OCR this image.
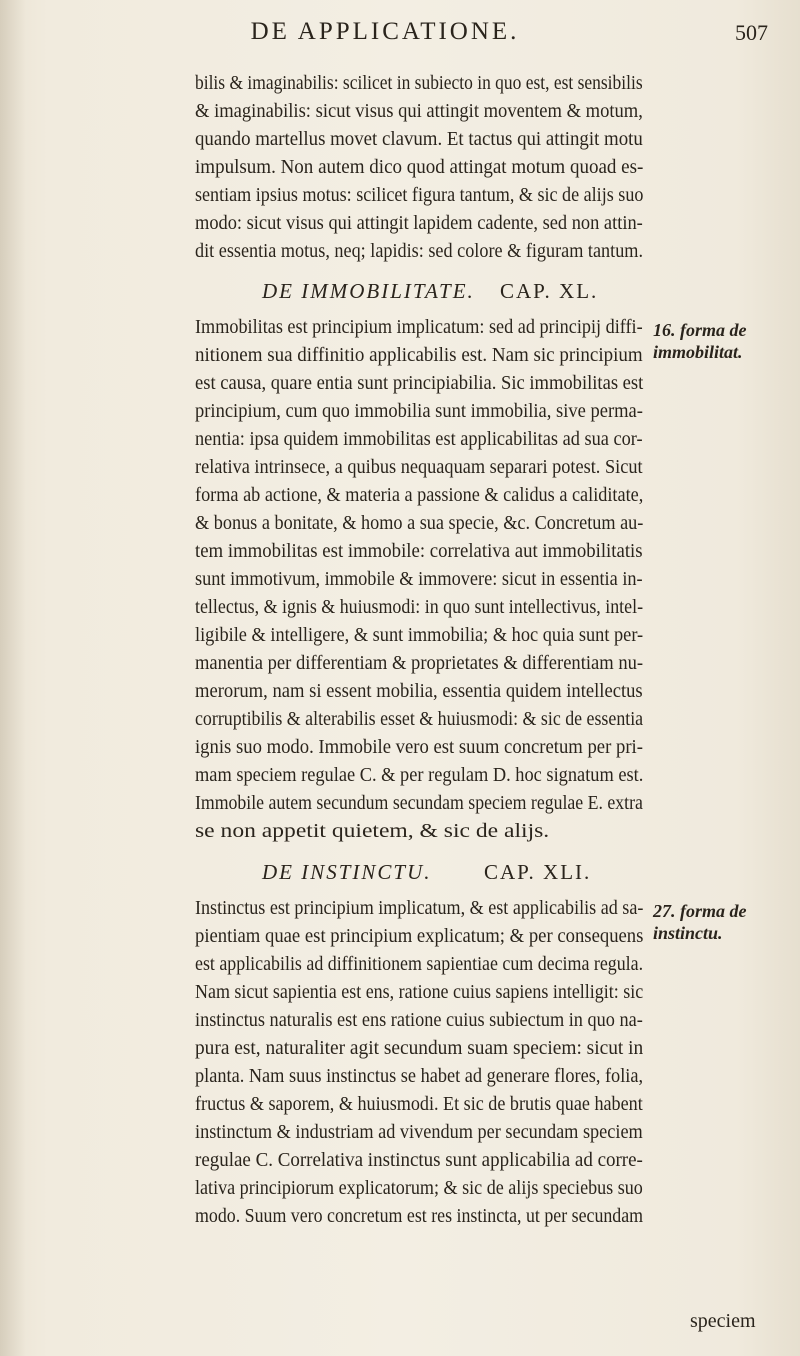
DE APPLICATIONE.	507
bilis & imaginabilis: scilicet in subiecto in quo est, est sensibilis
& imaginabilis: sicut visus qui attingit moventem & motum,
quando martellus movet clavum. Et tactus qui attingit motu
impulsum. Non autem dico quod attingat motum quoad es-
sentiam ipsius motus: scilicet figura tantum, & sic de alijs suo
modo: sicut visus qui attingit lapidem cadente, sed non attin-
dit essentia motus, neq; lapidis: sed colore & figuram tantum.
DE IMMOBILITATE. CAP. XL.
Immobilitas est principium implicatum: sed ad principij diffi-
nitionem sua diffinitio applicabilis est. Nam sic principium
est causa, quare entia sunt principiabilia. Sic immobilitas est
principium, cum quo immobilia sunt immobilia, sive perma-
nentia: ipsa quidem immobilitas est applicabilitas ad sua cor-
relativa intrinsece, a quibus nequaquam separari potest. Sicut
forma ab actione, & materia a passione & calidus a caliditate,
& bonus a bonitate, & homo a sua specie, &c. Concretum au-
tem immobilitas est immobile: correlativa aut immobilitatis
sunt immotivum, immobile & immovere: sicut in essentia in-
tellectus, & ignis & huiusmodi: in quo sunt intellectivus, intel-
ligibile & intelligere, & sunt immobilia; & hoc quia sunt per-
manentia per differentiam & proprietates & differentiam nu-
merorum, nam si essent mobilia, essentia quidem intellectus
corruptibilis & alterabilis esset & huiusmodi: & sic de essentia
ignis suo modo. Immobile vero est suum concretum per pri-
mam speciem regulae C. & per regulam D. hoc signatum est.
Immobile autem secundum secundam speciem regulae E. extra
se non appetit quietem, & sic de alijs.
16. forma de
immobilitat.
DE INSTINCTU. CAP. XLI.
Instinctus est principium implicatum, & est applicabilis ad sa-
pientiam quae est principium explicatum; & per consequens
est applicabilis ad diffinitionem sapientiae cum decima regula.
Nam sicut sapientia est ens, ratione cuius sapiens intelligit: sic
instinctus naturalis est ens ratione cuius subiectum in quo na-
pura est, naturaliter agit secundum suam speciem: sicut in
planta. Nam suus instinctus se habet ad generare flores, folia,
fructus & saporem, & huiusmodi. Et sic de brutis quae habent
instinctum & industriam ad vivendum per secundam speciem
regulae C. Correlativa instinctus sunt applicabilia ad corre-
lativa principiorum explicatorum; & sic de alijs speciebus suo
modo. Suum vero concretum est res instincta, ut per secundam
27. forma de
instinctu.
speciem
